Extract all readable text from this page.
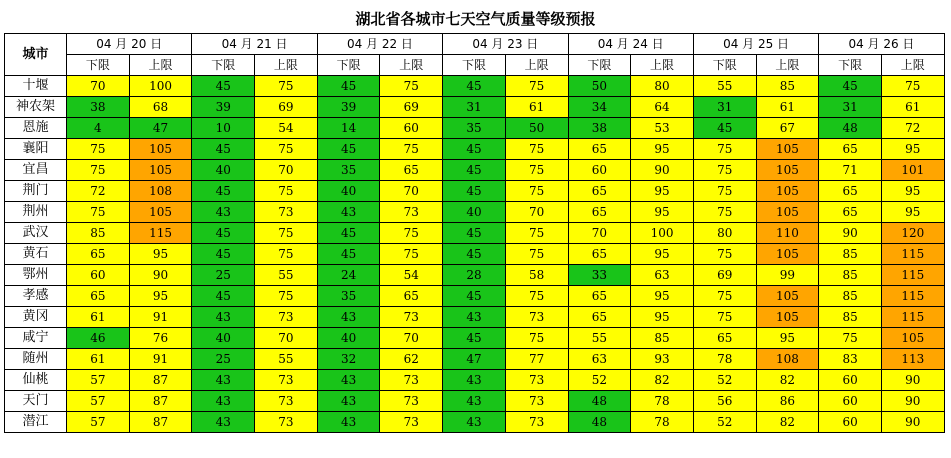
湖北省各城市七天空气质量等级预报
城市	04 月 20 日		04 月 21 日		04 月 22 日		04 月 23 日		04 月 24 日		04 月 25 日		04 月 26 日	
	下限	上限	下限	上限	下限	上限	下限	上限	下限	上限	下限	上限	下限	上限
十堰	70	100	45	75	45	75	45	75	50	80	55	85	45	75
神农架	38	68	39	69	39	69	31	61	34	64	31	61	31	61
恩施	4	47	10	54	14	60	35	50	38	53	45	67	48	72
襄阳	75	105	45	75	45	75	45	75	65	95	75	105	65	95
宜昌	75	105	40	70	35	65	45	75	60	90	75	105	71	101
荆门	72	108	45	75	40	70	45	75	65	95	75	105	65	95
荆州	75	105	43	73	43	73	40	70	65	95	75	105	65	95
武汉	85	115	45	75	45	75	45	75	70	100	80	110	90	120
黄石	65	95	45	75	45	75	45	75	65	95	75	105	85	115
鄂州	60	90	25	55	24	54	28	58	33	63	69	99	85	115
孝感	65	95	45	75	35	65	45	75	65	95	75	105	85	115
黄冈	61	91	43	73	43	73	43	73	65	95	75	105	85	115
咸宁	46	76	40	70	40	70	45	75	55	85	65	95	75	105
随州	61	91	25	55	32	62	47	77	63	93	78	108	83	113
仙桃	57	87	43	73	43	73	43	73	52	82	52	82	60	90
天门	57	87	43	73	43	73	43	73	48	78	56	86	60	90
潜江	57	87	43	73	43	73	43	73	48	78	52	82	60	90
